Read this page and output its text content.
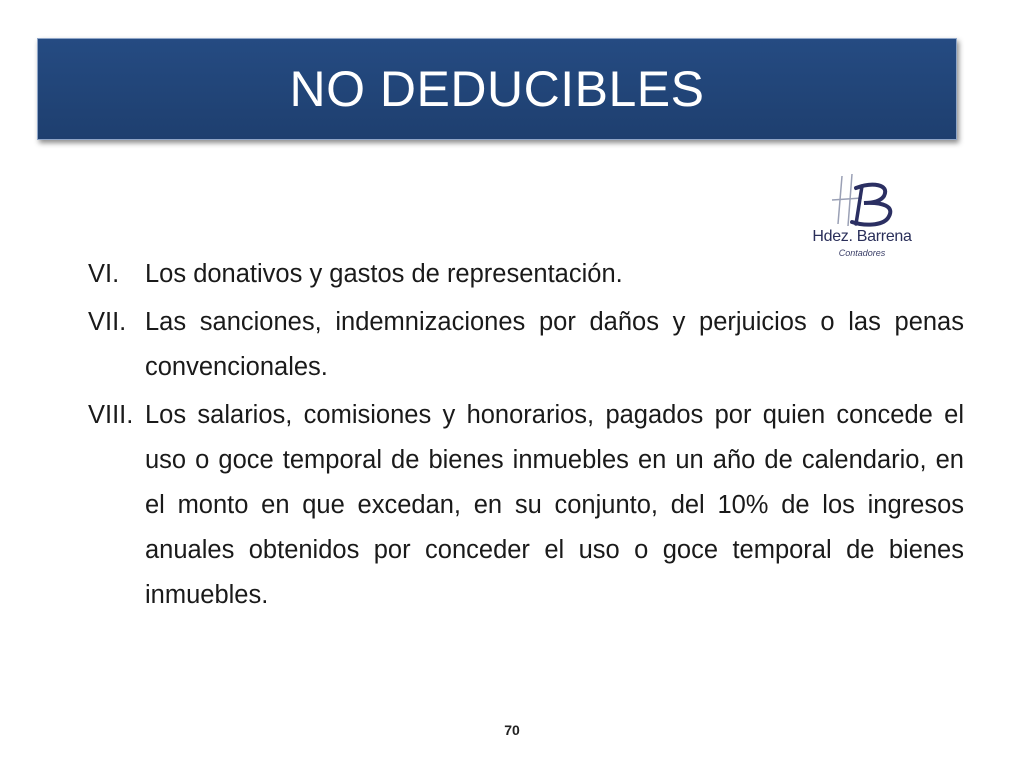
NO DEDUCIBLES
Hdez. Barrena
Contadores
VI.	Los donativos y gastos de representación.
VII. Las sanciones, indemnizaciones por daños y perjuicios o las penas convencionales.
VIII. Los salarios, comisiones y honorarios, pagados por quien concede el uso o goce temporal de bienes inmuebles en un año de calendario, en el monto en que excedan, en su conjunto, del 10% de los ingresos anuales obtenidos por conceder el uso o goce temporal de bienes inmuebles.
70
